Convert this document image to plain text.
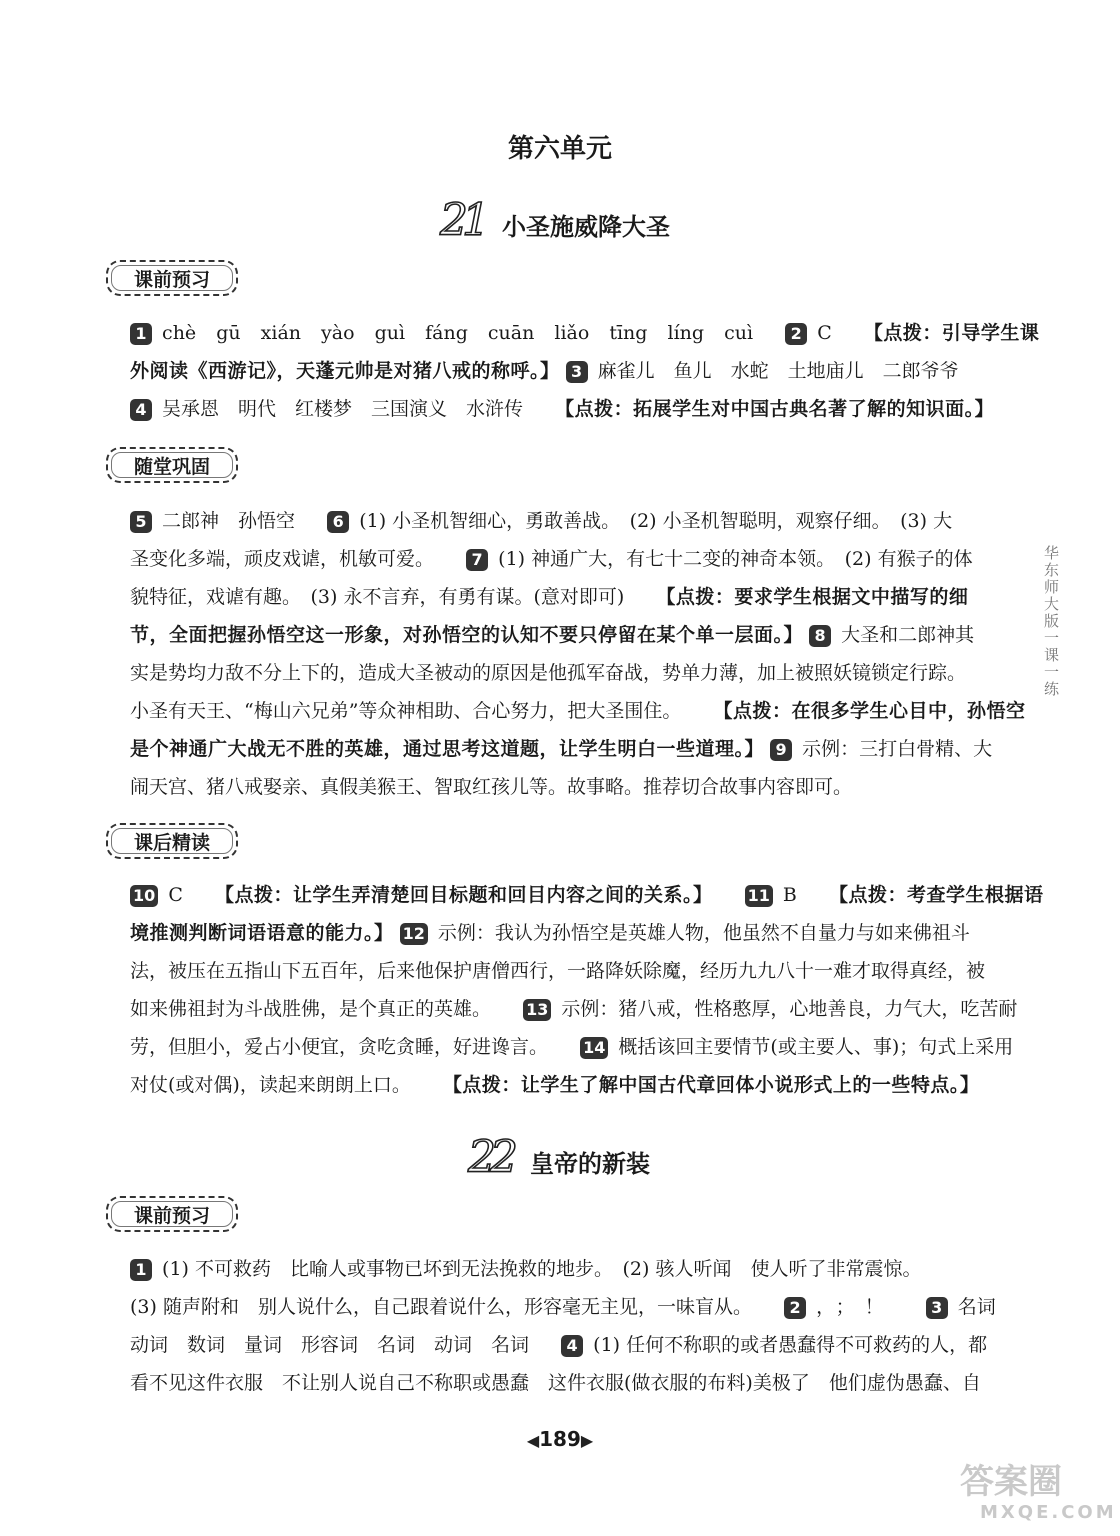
第六单元
21 小圣施威降大圣
课前预习
1 chè gū xián yào guì fáng cuān liǎo tīng líng cuì 2 C 【点拨：引导学生课
外阅读《西游记》，天蓬元帅是对猪八戒的称呼。】 3 麻雀儿　鱼儿　水蛇　土地庙儿　二郎爷爷
4 吴承恩　明代　红楼梦　三国演义　水浒传 【点拨：拓展学生对中国古典名著了解的知识面。】
随堂巩固
5 二郎神　孙悟空 6 (1) 小圣机智细心，勇敢善战。　(2) 小圣机智聪明，观察仔细。　(3) 大
圣变化多端，顽皮戏谑，机敏可爱。 7 (1) 神通广大，有七十二变的神奇本领。　(2) 有猴子的体
貌特征，戏谑有趣。　(3) 永不言弃，有勇有谋。(意对即可) 【点拨：要求学生根据文中描写的细
节，全面把握孙悟空这一形象，对孙悟空的认知不要只停留在某个单一层面。】 8 大圣和二郎神其
实是势均力敌不分上下的，造成大圣被动的原因是他孤军奋战，势单力薄，加上被照妖镜锁定行踪。
小圣有天王、“梅山六兄弟”等众神相助、合心努力，把大圣围住。 【点拨：在很多学生心目中，孙悟空
是个神通广大战无不胜的英雄，通过思考这道题，让学生明白一些道理。】 9 示例：三打白骨精、大
闹天宫、猪八戒娶亲、真假美猴王、智取红孩儿等。故事略。推荐切合故事内容即可。
课后精读
10 C 【点拨：让学生弄清楚回目标题和回目内容之间的关系。】 11 B 【点拨：考查学生根据语
境推测判断词语语意的能力。】 12 示例：我认为孙悟空是英雄人物，他虽然不自量力与如来佛祖斗
法，被压在五指山下五百年，后来他保护唐僧西行，一路降妖除魔，经历九九八十一难才取得真经，被
如来佛祖封为斗战胜佛，是个真正的英雄。 13 示例：猪八戒，性格憨厚，心地善良，力气大，吃苦耐
劳，但胆小，爱占小便宜，贪吃贪睡，好进谗言。 14 概括该回主要情节(或主要人、事)；句式上采用
对仗(或对偶)，读起来朗朗上口。 【点拨：让学生了解中国古代章回体小说形式上的一些特点。】
22 皇帝的新装
课前预习
1 (1) 不可救药　比喻人或事物已坏到无法挽救的地步。　(2) 骇人听闻　使人听了非常震惊。
(3) 随声附和　别人说什么，自己跟着说什么，形容毫无主见，一味盲从。 2 ，；！ 3 名词
动词　数词　量词　形容词　名词　动词　名词 4 (1) 任何不称职的或者愚蠢得不可救药的人，都
看不见这件衣服　不让别人说自己不称职或愚蠢　这件衣服(做衣服的布料)美极了　他们虚伪愚蠢、自
◀189▶
华东师大版一课一练
答案圈
MXQE.COM
